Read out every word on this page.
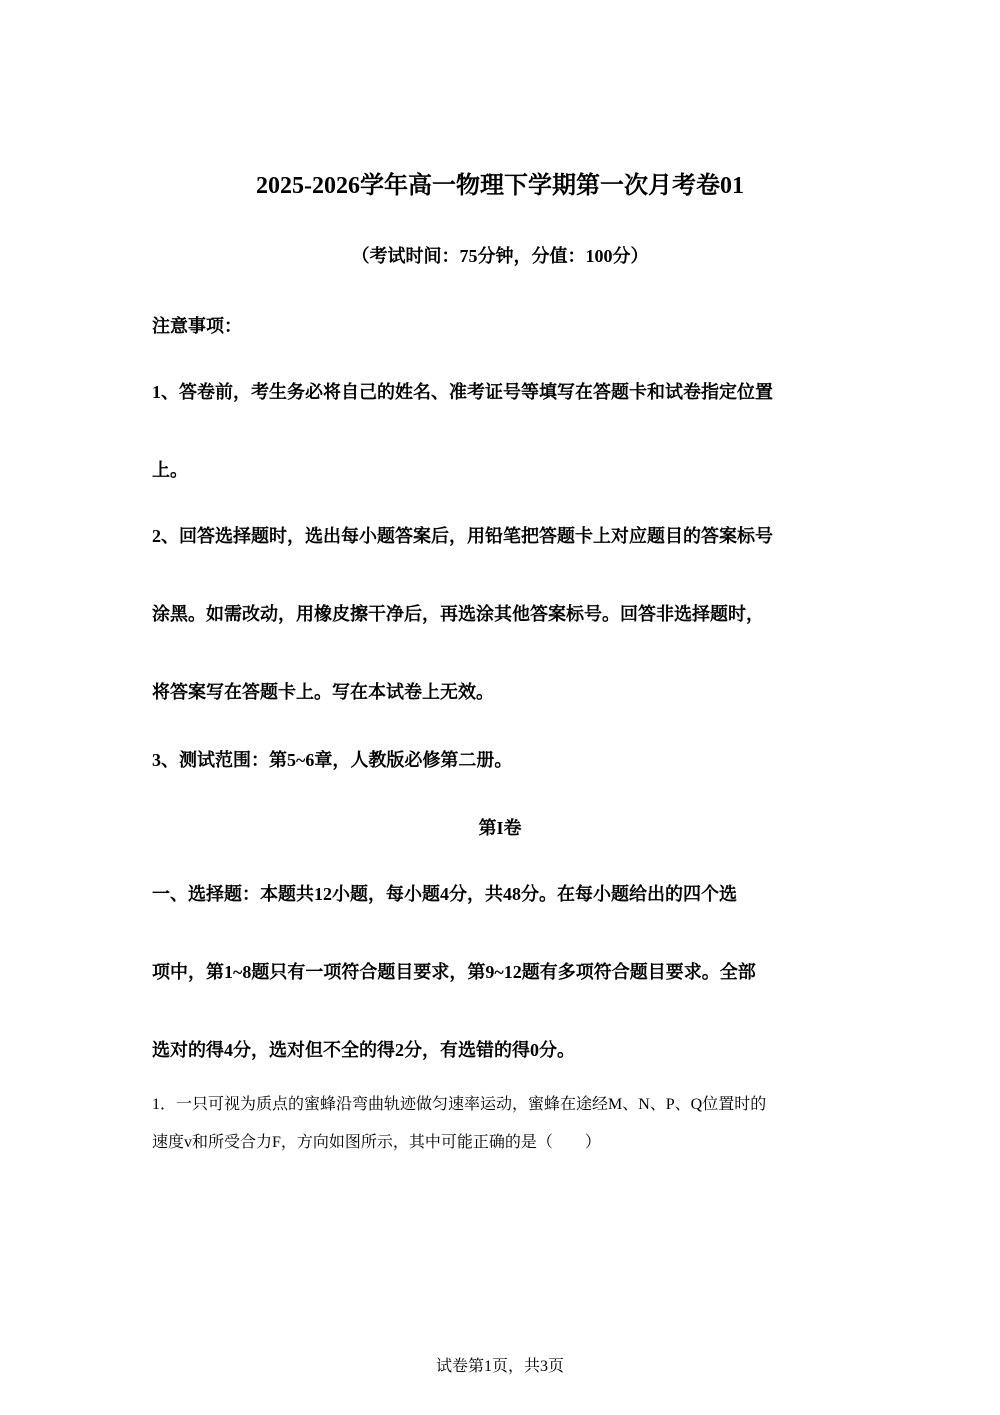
2025-2026学年高一物理下学期第一次月考卷01
（考试时间：75分钟，分值：100分）
注意事项：
1、答卷前，考生务必将自己的姓名、准考证号等填写在答题卡和试卷指定位置
上。
2、回答选择题时，选出每小题答案后，用铅笔把答题卡上对应题目的答案标号
涂黑。如需改动，用橡皮擦干净后，再选涂其他答案标号。回答非选择题时，
将答案写在答题卡上。写在本试卷上无效。
3、测试范围：第5~6章，人教版必修第二册。
第I卷
一、选择题：本题共12小题，每小题4分，共48分。在每小题给出的四个选
项中，第1~8题只有一项符合题目要求，第9~12题有多项符合题目要求。全部
选对的得4分，选对但不全的得2分，有选错的得0分。
1．一只可视为质点的蜜蜂沿弯曲轨迹做匀速率运动，蜜蜂在途经M、N、P、Q位置时的
速度v和所受合力F，方向如图所示，其中可能正确的是（　　）
试卷第1页，共3页
